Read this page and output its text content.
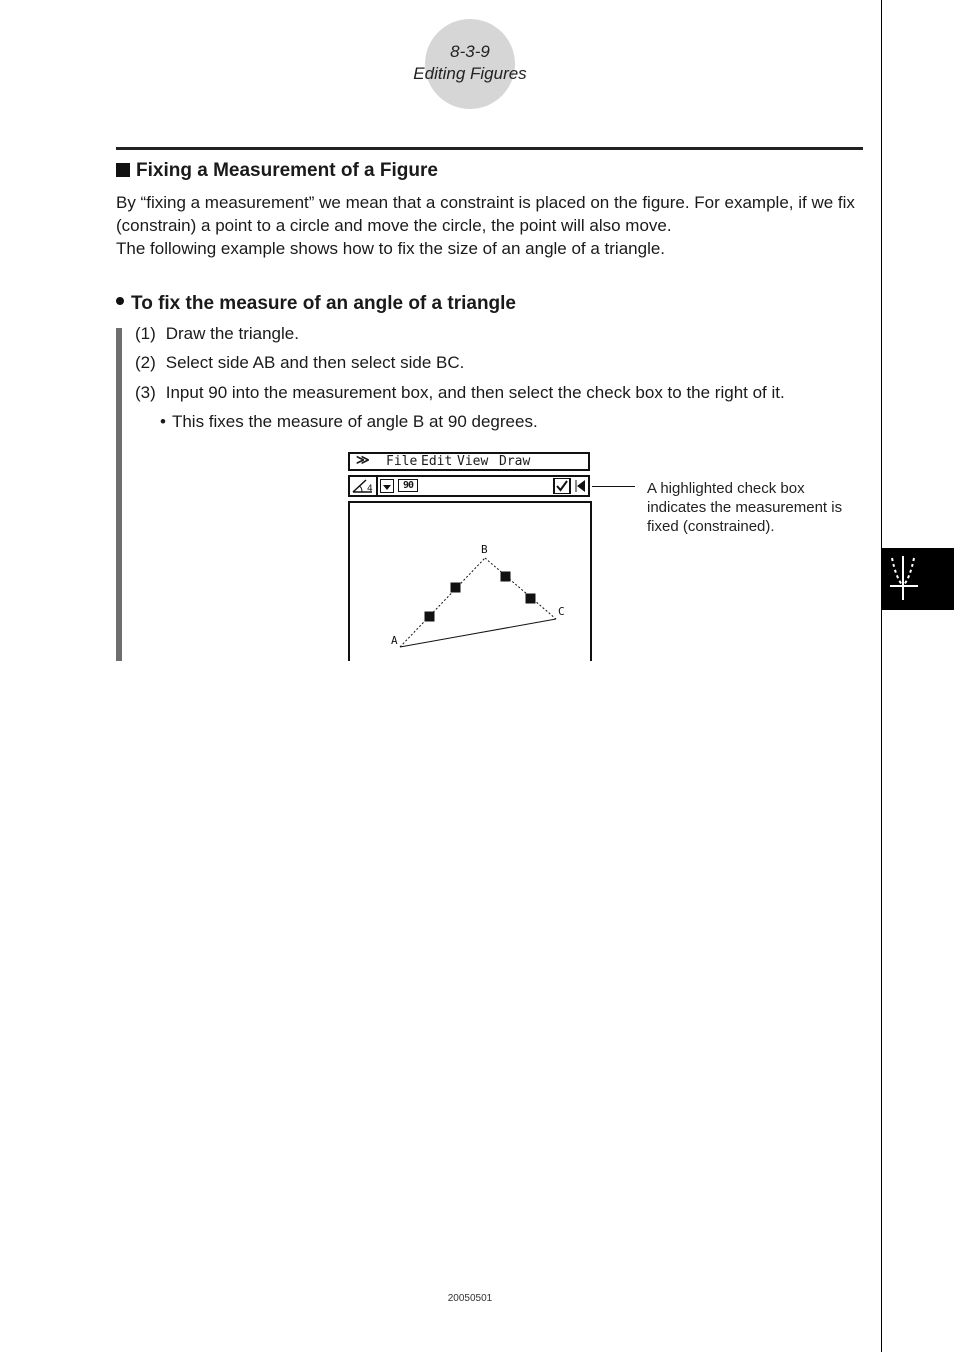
8-3-9
Editing Figures
Fixing a Measurement of a Figure

By “fixing a measurement” we mean that a constraint is placed on the figure. For example, if we fix (constrain) a point to a circle and move the circle, the point will also move.

The following example shows how to fix the size of an angle of a triangle.

To fix the measure of an angle of a triangle
(1) Draw the triangle.
(2) Select side AB and then select side BC.
(3) Input 90 into the measurement box, and then select the check box to the right of it.
• This fixes the measure of angle B at 90 degrees.
≫ File Edit View Draw
4	90
B
C
A
A highlighted check box indicates the measurement is fixed (constrained).
20050501
